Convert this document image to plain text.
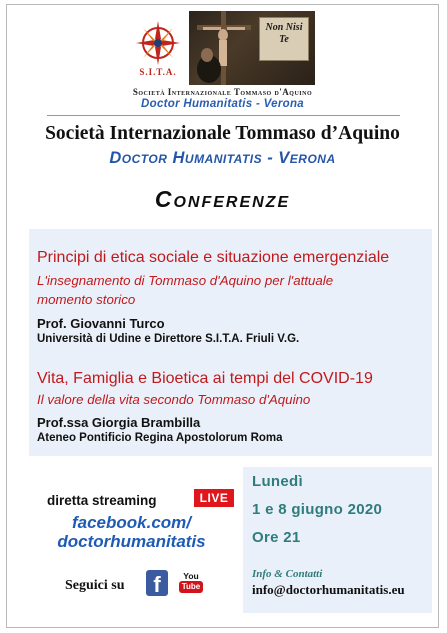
S.I.T.A.
Non Nisi Te
Società Internazionale Tommaso d'Aquino
Doctor Humanitatis - Verona
Società Internazionale Tommaso d’Aquino
Doctor Humanitatis - Verona
Conferenze
Principi di etica sociale e situazione emergenziale
L'insegnamento di Tommaso d'Aquino per l'attuale
momento storico
Prof. Giovanni Turco
Università di Udine e Direttore S.I.T.A. Friuli V.G.
Vita, Famiglia e Bioetica ai tempi del COVID-19
Il valore della vita secondo Tommaso d'Aquino
Prof.ssa Giorgia Brambilla
Ateneo Pontificio Regina Apostolorum Roma
diretta streaming	LIVE
facebook.com/
doctorhumanitatis
Seguici su	f	You
Tube
Lunedì
1 e 8 giugno 2020
Ore 21
Info & Contatti
info@doctorhumanitatis.eu
